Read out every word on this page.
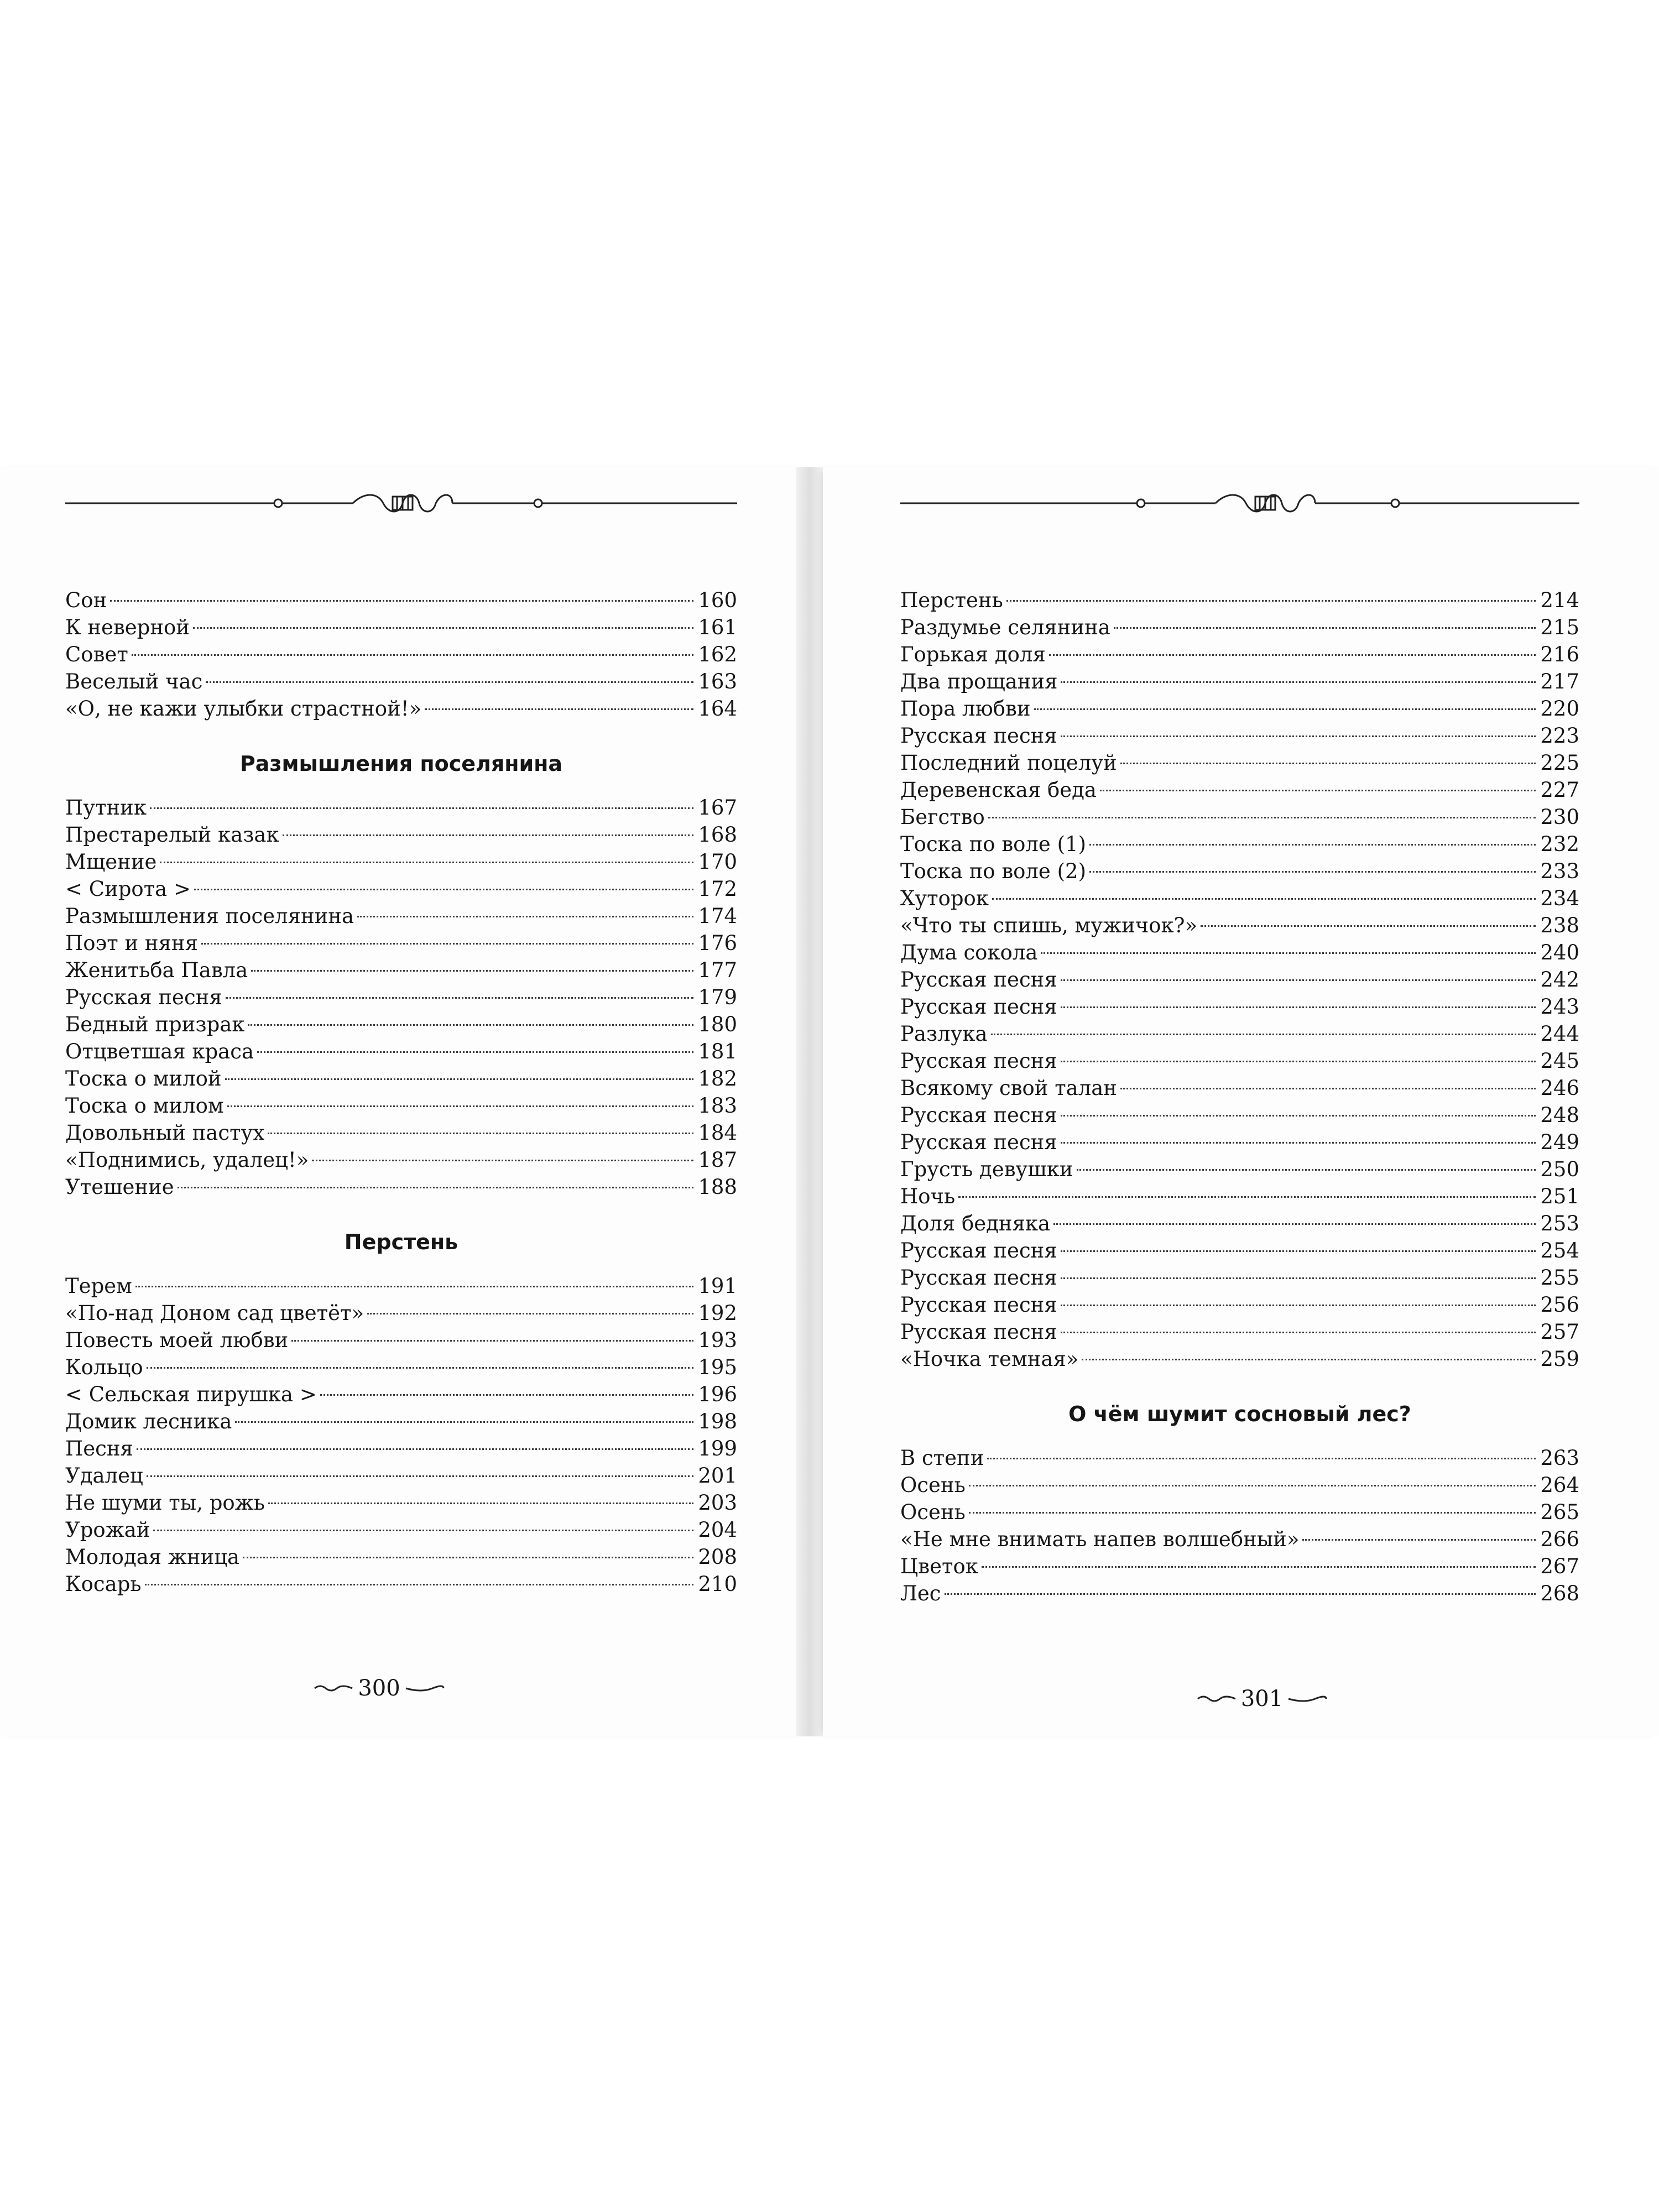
Сон	160
К неверной	161
Совет	162
Веселый час	163
«О, не кажи улыбки страстной!»	164
Размышления поселянина
Путник	167
Престарелый казак	168
Мщение	170
< Сирота >	172
Размышления поселянина	174
Поэт и няня	176
Женитьба Павла	177
Русская песня	179
Бедный призрак	180
Отцветшая краса	181
Тоска о милой	182
Тоска о милом	183
Довольный пастух	184
«Поднимись, удалец!»	187
Утешение	188
Перстень
Терем	191
«По-над Доном сад цветёт»	192
Повесть моей любви	193
Кольцо	195
< Сельская пирушка >	196
Домик лесника	198
Песня	199
Удалец	201
Не шуми ты, рожь	203
Урожай	204
Молодая жница	208
Косарь	210
300
Перстень	214
Раздумье селянина	215
Горькая доля	216
Два прощания	217
Пора любви	220
Русская песня	223
Последний поцелуй	225
Деревенская беда	227
Бегство	230
Тоска по воле (1)	232
Тоска по воле (2)	233
Хуторок	234
«Что ты спишь, мужичок?»	238
Дума сокола	240
Русская песня	242
Русская песня	243
Разлука	244
Русская песня	245
Всякому свой талан	246
Русская песня	248
Русская песня	249
Грусть девушки	250
Ночь	251
Доля бедняка	253
Русская песня	254
Русская песня	255
Русская песня	256
Русская песня	257
«Ночка темная»	259
О чём шумит сосновый лес?
В степи	263
Осень	264
Осень	265
«Не мне внимать напев волшебный»	266
Цветок	267
Лес	268
301
